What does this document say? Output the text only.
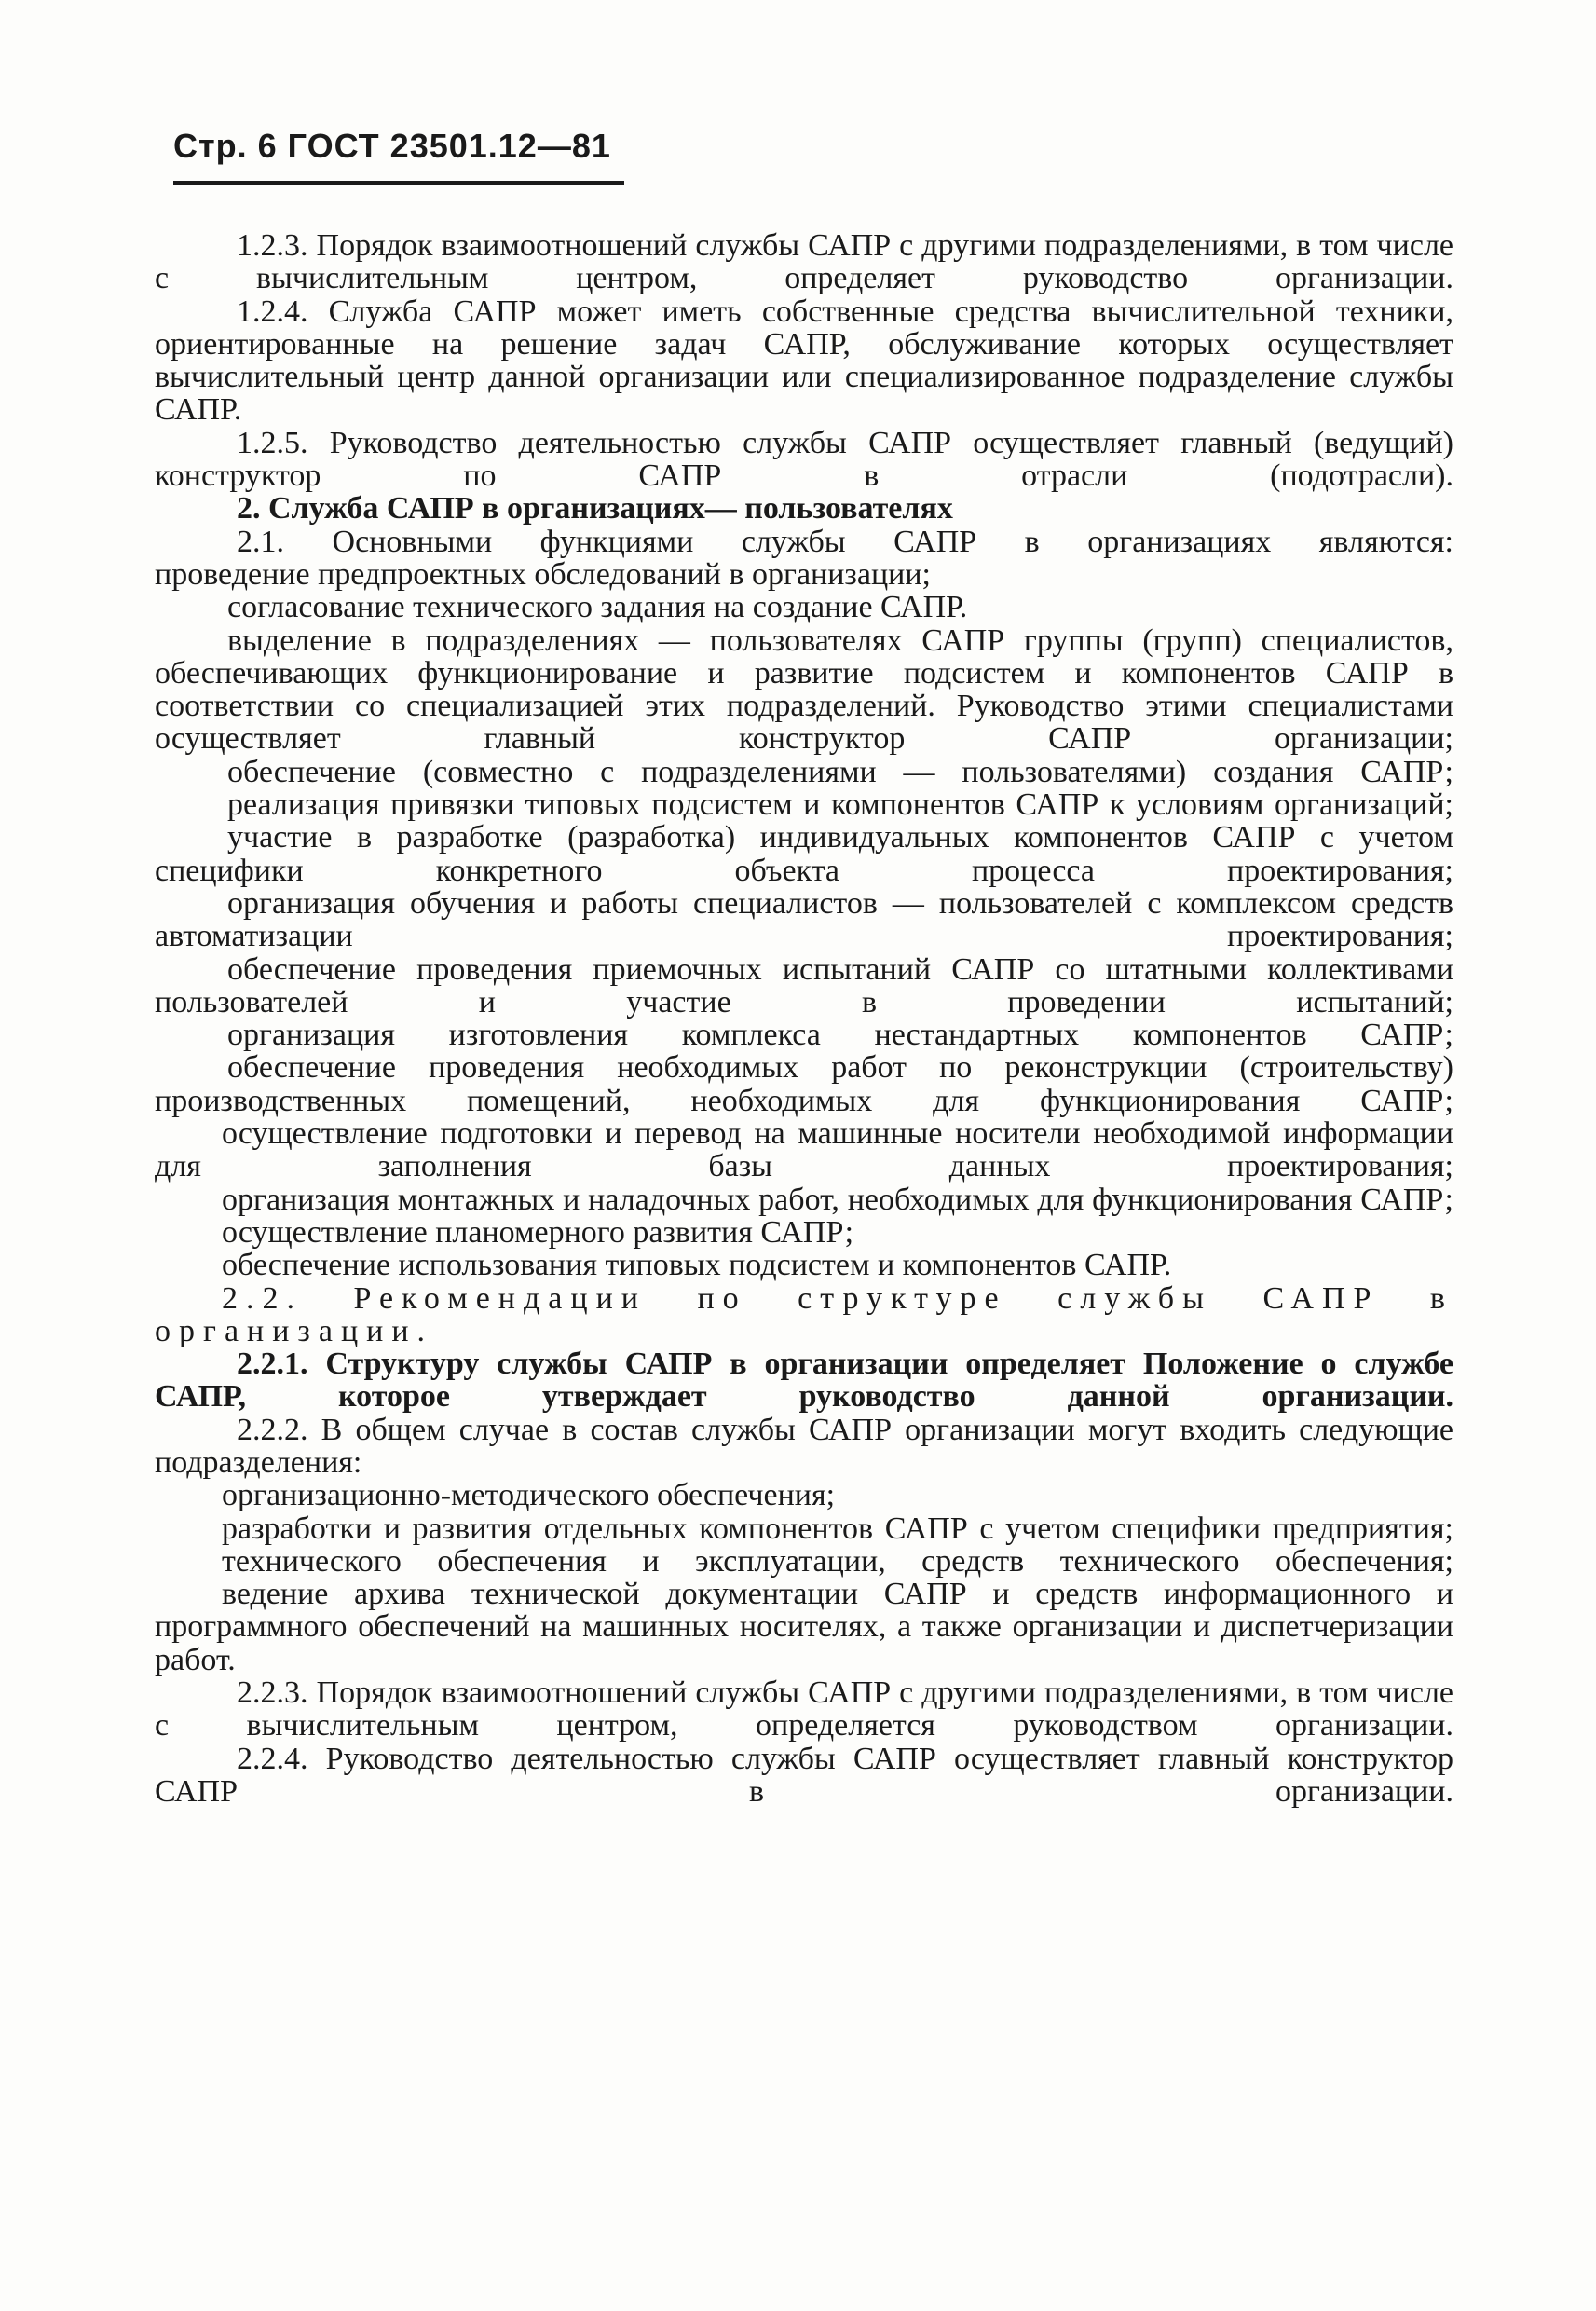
Стр. 6 ГОСТ 23501.12—81

1.2.3. Порядок взаимоотношений службы САПР с другими подразделениями, в том числе с вычислительным центром, определяет руководство организации.

1.2.4. Служба САПР может иметь собственные средства вычислительной техники, ориентированные на решение задач САПР, обслуживание которых осуществляет вычислительный центр данной организации или специализированное подразделение службы САПР.

1.2.5. Руководство деятельностью службы САПР осуществляет главный (ведущий) конструктор по САПР в отрасли (подотрасли).

2. Служба САПР в организациях— пользователях

2.1. Основными функциями службы САПР в организациях являются:

проведение предпроектных обследований в организации;

согласование технического задания на создание САПР.

выделение в подразделениях — пользователях САПР группы (групп) специалистов, обеспечивающих функционирование и развитие подсистем и компонентов САПР в соответствии со специализацией этих подразделений. Руководство этими специалистами осуществляет главный конструктор САПР организации;

обеспечение (совместно с подразделениями — пользователями) создания САПР;

реализация привязки типовых подсистем и компонентов САПР к условиям организаций;

участие в разработке (разработка) индивидуальных компонентов САПР с учетом специфики конкретного объекта процесса проектирования;

организация обучения и работы специалистов — пользователей с комплексом средств автоматизации проектирования;

обеспечение проведения приемочных испытаний САПР со штатными коллективами пользователей и участие в проведении испытаний;

организация изготовления комплекса нестандартных компонентов САПР;

обеспечение проведения необходимых работ по реконструкции (строительству) производственных помещений, необходимых для функционирования САПР;

осуществление подготовки и перевод на машинные носители необходимой информации для заполнения базы данных проектирования;

организация монтажных и наладочных работ, необходимых для функционирования САПР;

осуществление планомерного развития САПР;

обеспечение использования типовых подсистем и компонентов САПР.

2.2. Рекомендации по структуре службы САПР в организации.

2.2.1. Структуру службы САПР в организации определяет Положение о службе САПР, которое утверждает руководство данной организации.

2.2.2. В общем случае в состав службы САПР организации могут входить следующие подразделения:

организационно-методического обеспечения;

разработки и развития отдельных компонентов САПР с учетом специфики предприятия;

технического обеспечения и эксплуатации, средств технического обеспечения;

ведение архива технической документации САПР и средств информационного и программного обеспечений на машинных носителях, а также организации и диспетчеризации работ.

2.2.3. Порядок взаимоотношений службы САПР с другими подразделениями, в том числе с вычислительным центром, определяется руководством организации.

2.2.4. Руководство деятельностью службы САПР осуществляет главный конструктор САПР в организации.
